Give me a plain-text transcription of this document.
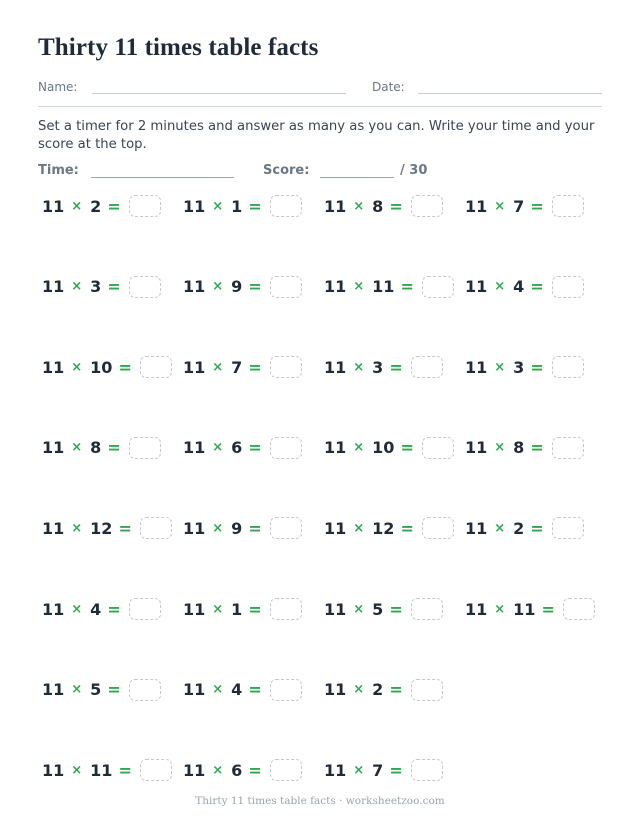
Thirty 11 times table facts
Name:	Date:
Set a timer for 2 minutes and answer as many as you can. Write your time and your score at the top.
Time:	Score:	/ 30
11 × 2 =	11 × 1 =	11 × 8 =	11 × 7 =
11 × 3 =	11 × 9 =	11 × 11 =	11 × 4 =
11 × 10 =	11 × 7 =	11 × 3 =	11 × 3 =
11 × 8 =	11 × 6 =	11 × 10 =	11 × 8 =
11 × 12 =	11 × 9 =	11 × 12 =	11 × 2 =
11 × 4 =	11 × 1 =	11 × 5 =	11 × 11 =
11 × 5 =	11 × 4 =	11 × 2 =
11 × 11 =	11 × 6 =	11 × 7 =
Thirty 11 times table facts · worksheetzoo.com
